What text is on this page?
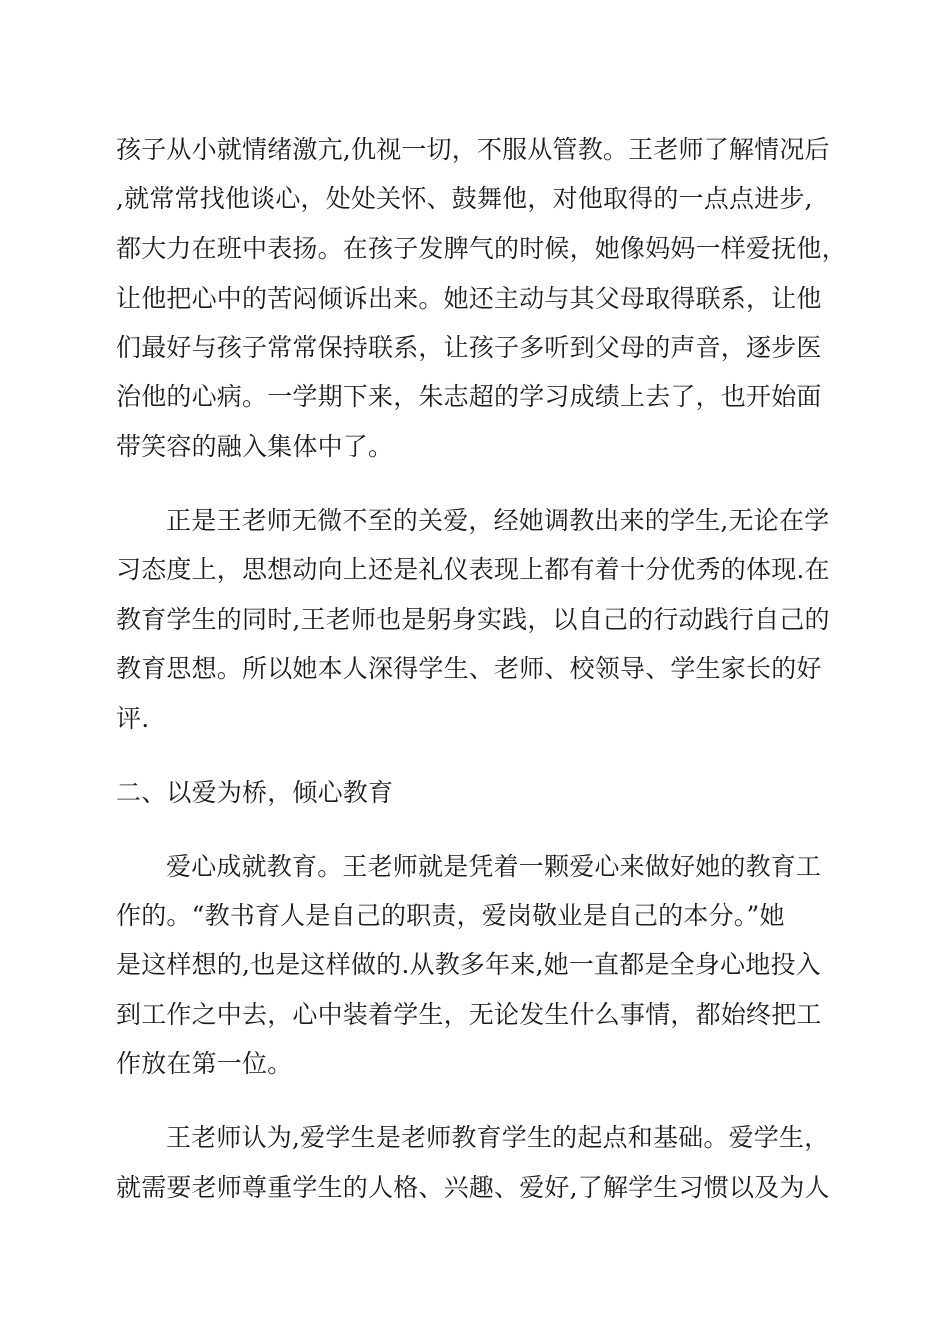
孩子从小就情绪激亢,仇视一切，不服从管教。王老师了解情况后
,就常常找他谈心，处处关怀、鼓舞他，对他取得的一点点进步,
都大力在班中表扬。在孩子发脾气的时候，她像妈妈一样爱抚他，
让他把心中的苦闷倾诉出来。她还主动与其父母取得联系，让他
们最好与孩子常常保持联系，让孩子多听到父母的声音，逐步医
治他的心病。一学期下来，朱志超的学习成绩上去了，也开始面
带笑容的融入集体中了。
正是王老师无微不至的关爱，经她调教出来的学生,无论在学
习态度上，思想动向上还是礼仪表现上都有着十分优秀的体现.在
教育学生的同时,王老师也是躬身实践，以自己的行动践行自己的
教育思想。所以她本人深得学生、老师、校领导、学生家长的好
评.
二、以爱为桥，倾心教育
爱心成就教育。王老师就是凭着一颗爱心来做好她的教育工
作的。“教书育人是自己的职责，爱岗敬业是自己的本分。”她
是这样想的,也是这样做的.从教多年来,她一直都是全身心地投入
到工作之中去，心中装着学生，无论发生什么事情，都始终把工
作放在第一位。
王老师认为,爱学生是老师教育学生的起点和基础。爱学生，
就需要老师尊重学生的人格、兴趣、爱好,了解学生习惯以及为人
